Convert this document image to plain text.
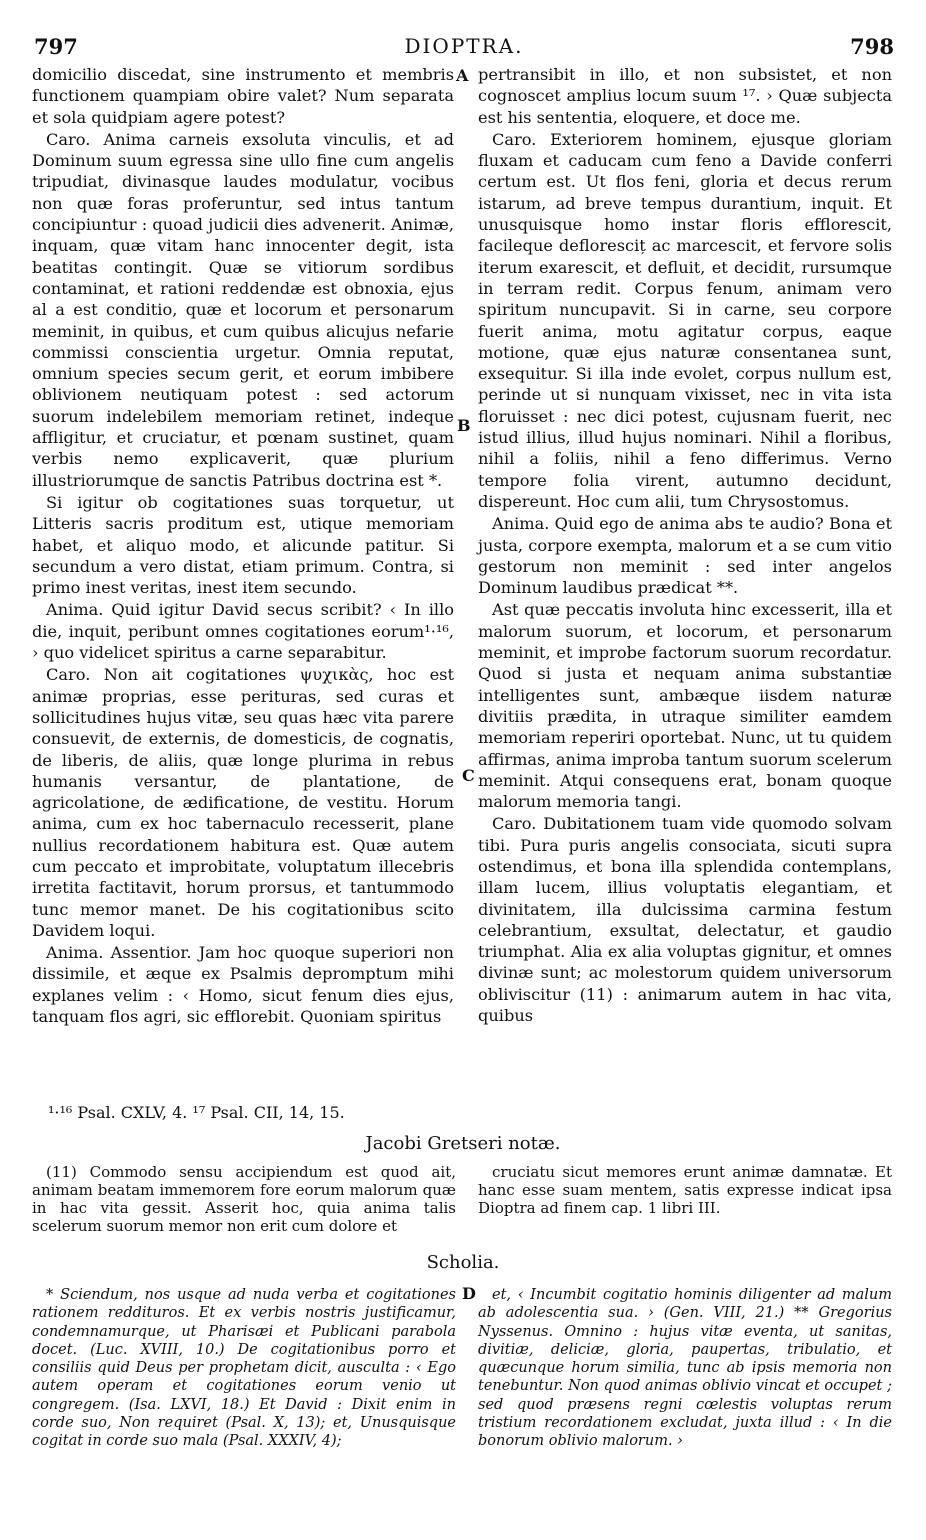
797	DIOPTRA.	798

domicilio discedat, sine instrumento et membris functionem quampiam obire valet? Num separata et sola quidpiam agere potest?

Caro. Anima carneis exsoluta vinculis, et ad Dominum suum egressa sine ullo fine cum angelis tripudiat, divinasque laudes modulatur, vocibus non quæ foras proferuntur, sed intus tantum concipiuntur : quoad judicii dies advenerit. Animæ, inquam, quæ vitam hanc innocenter degit, ista beatitas contingit. Quæ se vitiorum sordibus contaminat, et rationi reddendæ est obnoxia, ejus al a est conditio, quæ et locorum et personarum meminit, in quibus, et cum quibus alicujus nefarie commissi conscientia urgetur. Omnia reputat, omnium species secum gerit, et eorum imbibere oblivionem neutiquam potest : sed actorum suorum indelebilem memoriam retinet, indeque affligitur, et cruciatur, et pœnam sustinet, quam verbis nemo explicaverit, quæ plurium illustriorumque de sanctis Patribus doctrina est *.

Si igitur ob cogitationes suas torquetur, ut Litteris sacris proditum est, utique memoriam habet, et aliquo modo, et alicunde patitur. Si secundum a vero distat, etiam primum. Contra, si primo inest veritas, inest item secundo.

Anima. Quid igitur David secus scribit? ‹ In illo die, inquit, peribunt omnes cogitationes eorum¹·¹⁶, › quo videlicet spiritus a carne separabitur.

Caro. Non ait cogitationes ψυχικὰς, hoc est animæ proprias, esse perituras, sed curas et sollicitudines hujus vitæ, seu quas hæc vita parere consuevit, de externis, de domesticis, de cognatis, de liberis, de aliis, quæ longe plurima in rebus humanis versantur, de plantatione, de agricolatione, de ædificatione, de vestitu. Horum anima, cum ex hoc tabernaculo recesserit, plane nullius recordationem habitura est. Quæ autem cum peccato et improbitate, voluptatum illecebris irretita factitavit, horum prorsus, et tantummodo tunc memor manet. De his cogitationibus scito Davidem loqui.

Anima. Assentior. Jam hoc quoque superiori non dissimile, et æque ex Psalmis depromptum mihi explanes velim : ‹ Homo, sicut fenum dies ejus, tanquam flos agri, sic efflorebit. Quoniam spiritus

A
B
C
D

pertransibit in illo, et non subsistet, et non cognoscet amplius locum suum ¹⁷. › Quæ subjecta est his sententia, eloquere, et doce me.

Caro. Exteriorem hominem, ejusque gloriam fluxam et caducam cum feno a Davide conferri certum est. Ut flos feni, gloria et decus rerum istarum, ad breve tempus durantium, inquit. Et unusquisque homo instar floris efflorescit, facileque defloresciț ac marcescit, et fervore solis iterum exarescit, et defluit, et decidit, rursumque in terram redit. Corpus fenum, animam vero spiritum nuncupavit. Si in carne, seu corpore fuerit anima, motu agitatur corpus, eaque motione, quæ ejus naturæ consentanea sunt, exsequitur. Si illa inde evolet, corpus nullum est, perinde ut si nunquam vixisset, nec in vita ista floruisset : nec dici potest, cujusnam fuerit, nec istud illius, illud hujus nominari. Nihil a floribus, nihil a foliis, nihil a feno differimus. Verno tempore folia virent, autumno decidunt, dispereunt. Hoc cum alii, tum Chrysostomus.

Anima. Quid ego de anima abs te audio? Bona et justa, corpore exempta, malorum et a se cum vitio gestorum non meminit : sed inter angelos Dominum laudibus prædicat **.

Ast quæ peccatis involuta hinc excesserit, illa et malorum suorum, et locorum, et personarum meminit, et improbe factorum suorum recordatur. Quod si justa et nequam anima substantiæ intelligentes sunt, ambæque iisdem naturæ divitiis prædita, in utraque similiter eamdem memoriam reperiri oportebat. Nunc, ut tu quidem affirmas, anima improba tantum suorum scelerum meminit. Atqui consequens erat, bonam quoque malorum memoria tangi.

Caro. Dubitationem tuam vide quomodo solvam tibi. Pura puris angelis consociata, sicuti supra ostendimus, et bona illa splendida contemplans, illam lucem, illius voluptatis elegantiam, et divinitatem, illa dulcissima carmina festum celebrantium, exsultat, delectatur, et gaudio triumphat. Alia ex alia voluptas gignitur, et omnes divinæ sunt; ac molestorum quidem universorum obliviscitur (11) : animarum autem in hac vita, quibus

¹·¹⁶ Psal. CXLV, 4. ¹⁷ Psal. CII, 14, 15.
Jacobi Gretseri notæ.

(11) Commodo sensu accipiendum est quod ait, animam beatam immemorem fore eorum malorum quæ in hac vita gessit. Asserit hoc, quia anima talis scelerum suorum memor non erit cum dolore et

cruciatu sicut memores erunt animæ damnatæ. Et hanc esse suam mentem, satis expresse indicat ipsa Dioptra ad finem cap. 1 libri III.

Scholia.

* Sciendum, nos usque ad nuda verba et cogitationes rationem reddituros. Et ex verbis nostris justificamur, condemnamurque, ut Pharisæi et Publicani parabola docet. (Luc. XVIII, 10.) De cogitationibus porro et consiliis quid Deus per prophetam dicit, ausculta : ‹ Ego autem operam et cogitationes eorum venio ut congregem. (Isa. LXVI, 18.) Et David : Dixit enim in corde suo, Non requiret (Psal. X, 13); et, Unusquisque cogitat in corde suo mala (Psal. XXXIV, 4);

et, ‹ Incumbit cogitatio hominis diligenter ad malum ab adolescentia sua. › (Gen. VIII, 21.) ** Gregorius Nyssenus. Omnino : hujus vitæ eventa, ut sanitas, divitiæ, deliciæ, gloria, paupertas, tribulatio, et quæcunque horum similia, tunc ab ipsis memoria non tenebuntur. Non quod animas oblivio vincat et occupet ; sed quod præsens regni cœlestis voluptas rerum tristium recordationem excludat, juxta illud : ‹ In die bonorum oblivio malorum. ›
